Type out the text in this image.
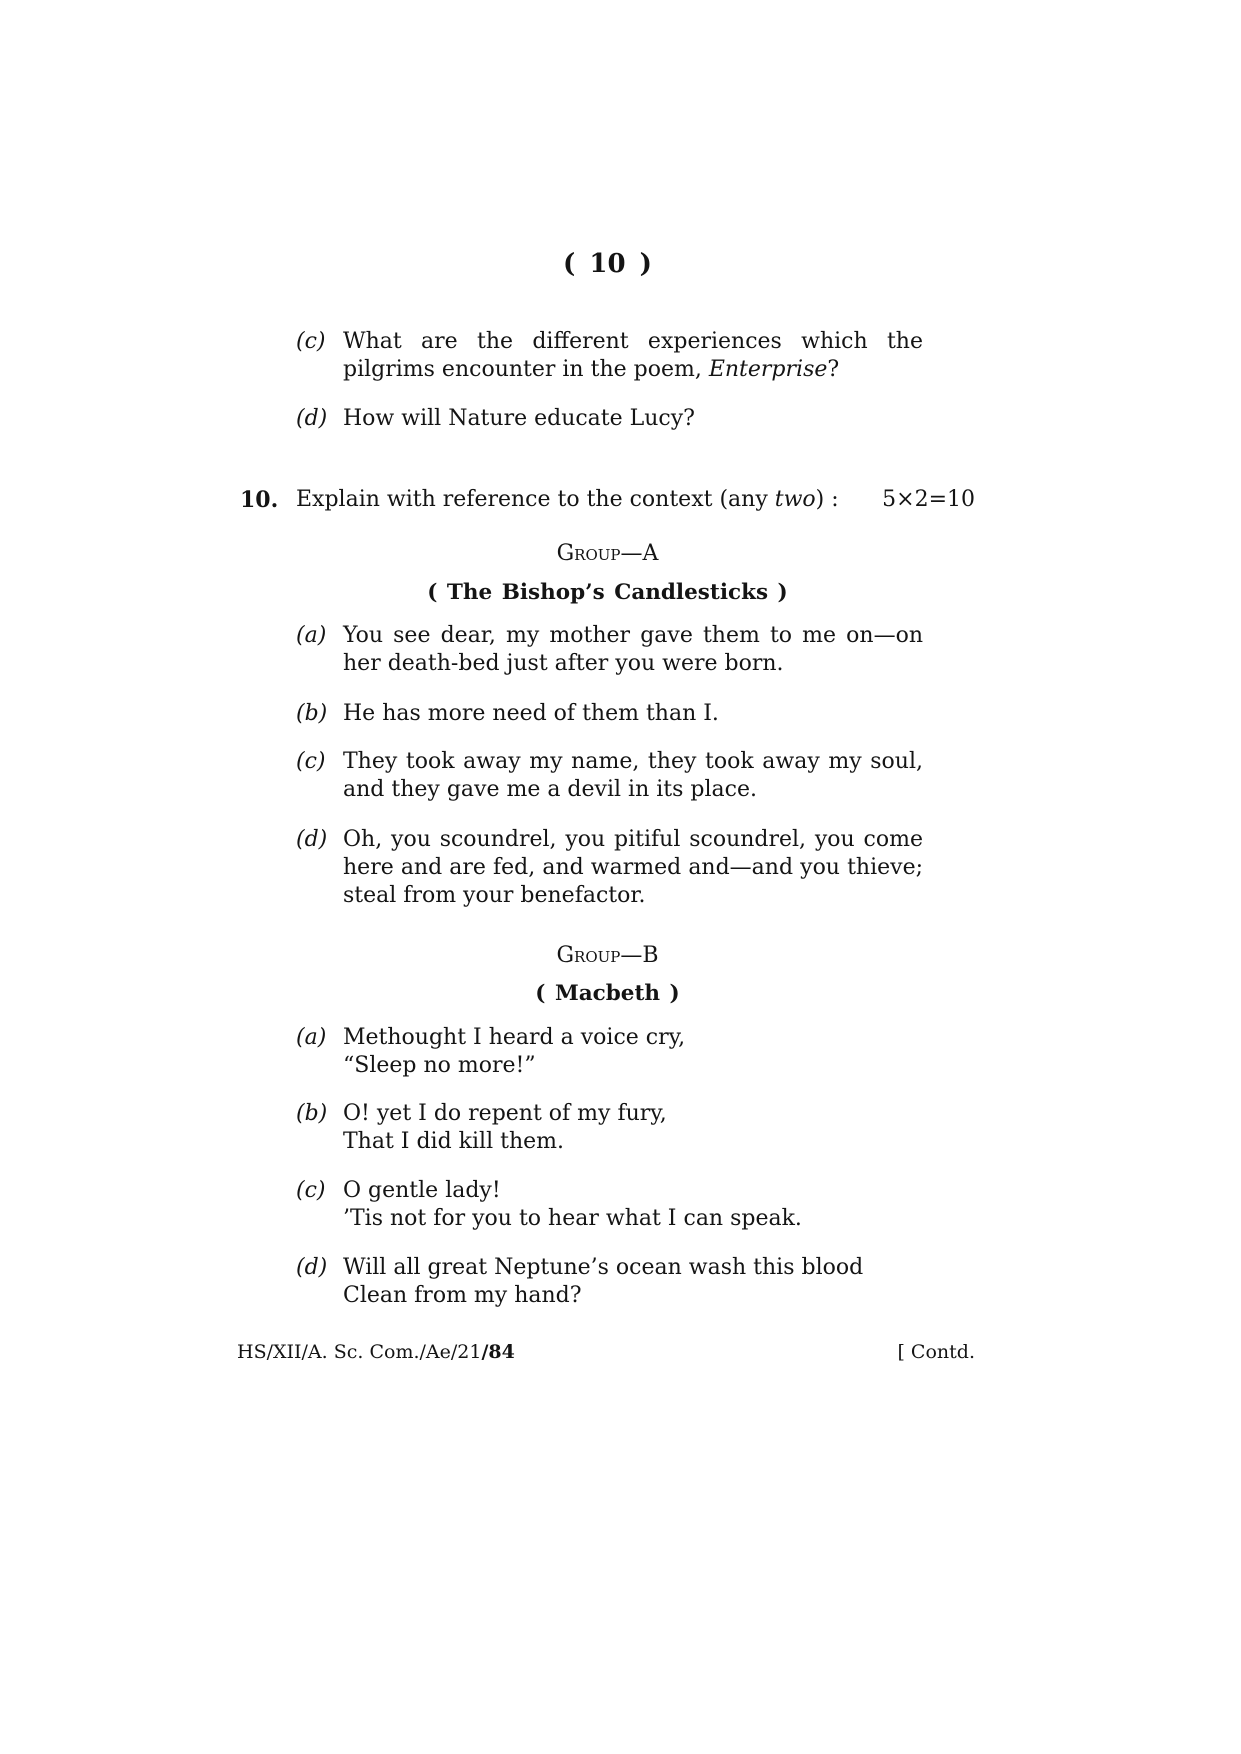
( 10 )
(c) What are the different experiences which the
pilgrims encounter in the poem, Enterprise?
(d) How will Nature educate Lucy?
10. Explain with reference to the context (any two) : 5×2=10
Group—A
( The Bishop’s Candlesticks )
(a) You see dear, my mother gave them to me on—on
her death-bed just after you were born.
(b) He has more need of them than I.
(c) They took away my name, they took away my soul,
and they gave me a devil in its place.
(d) Oh, you scoundrel, you pitiful scoundrel, you come
here and are fed, and warmed and—and you thieve;
steal from your benefactor.
Group—B
( Macbeth )
(a) Methought I heard a voice cry,
“Sleep no more!”
(b) O! yet I do repent of my fury,
That I did kill them.
(c) O gentle lady!
’Tis not for you to hear what I can speak.
(d) Will all great Neptune’s ocean wash this blood
Clean from my hand?
HS/XII/A. Sc. Com./Ae/21/84	[ Contd.
